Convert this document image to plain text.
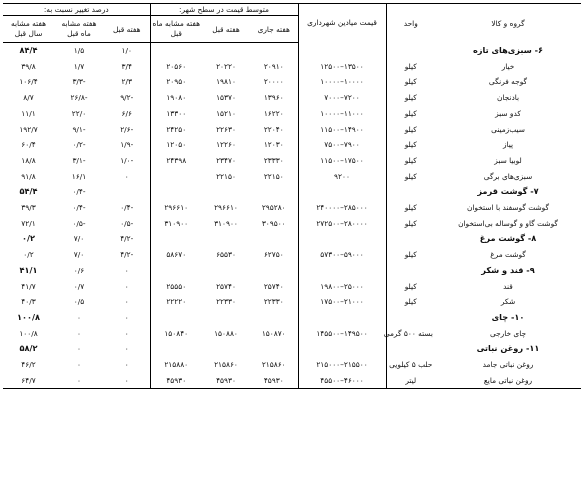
گروه و کالا	واحد	قیمت میادین شهرداری	متوسط قیمت در سطح شهر:			درصد تغییر نسبت به:		
			هفته جاری	هفته قبل	هفته مشابه ماه قبل	هفته قبل	هفته مشابه ماه قبل	هفته مشابه سال قبل
۶- سبزی‌های تازه						۱/۰	۱/۵	۸۴/۴
خیار	کیلو	۱۳۵۰۰–۱۲۵۰۰	۲۰۹۱۰	۲۰۲۲۰	۲۰۵۶۰	۳/۴	۱/۷	۳۹/۸
گوجه فرنگی	کیلو	۱۰۰۰۰–۱۰۰۰۰	۲۰۰۰۰	۱۹۸۱۰	۲۰۹۵۰	۲/۳	-۳/۳	۱۰۶/۴
بادنجان	کیلو	۷۲۰۰–۷۰۰۰	۱۳۹۶۰	۱۵۳۷۰	۱۹۰۸۰	-۹/۲	-۲۶/۸	۸/۷
کدو سبز	کیلو	۱۱۰۰۰–۱۰۰۰۰	۱۶۲۲۰	۱۵۲۱۰	۱۳۳۰۰	۶/۶	۲۲/۰	۱۱/۱
سیب‌زمینی	کیلو	۱۴۹۰۰–۱۱۵۰۰	۲۲۰۴۰	۲۲۶۳۰	۲۴۲۵۰	-۲/۶	-۹/۱	۱۹۲/۷
پیاز	کیلو	۷۹۰۰–۷۵۰۰	۱۲۰۳۰	۱۲۲۶۰	۱۲۰۵۰	-۱/۹	-۰/۲	۶۰/۴
لوبیا سبز	کیلو	۱۷۵۰۰–۱۱۵۰۰	۲۳۳۳۰	۲۳۴۷۰	۲۴۳۹۸	-۱/۰	-۳/۱	۱۸/۸
سبزی‌های برگی	کیلو	۹۲۰۰	۲۲۱۵۰	۲۲۱۵۰		۰	۱۶/۱	۹۱/۸
۷- گوشت قرمز							-۰/۴	۵۴/۴
گوشت گوسفند با استخوان	کیلو	۲۸۵۰۰۰–۲۴۰۰۰۰	۲۹۵۲۸۰	۲۹۶۶۱۰	۲۹۶۶۱۰	-۰/۴	-۰/۴	۳۹/۳
گوشت گاو و گوساله بی‌استخوان	کیلو	۲۸۰۰۰۰–۲۷۲۵۰۰	۳۰۹۵۰۰	۳۱۰۹۰۰	۳۱۰۹۰۰	-۰/۵	-۰/۵	۷۲/۱
۸- گوشت مرغ						-۴/۲	۷/۰	۰/۲
گوشت مرغ	کیلو	۵۹۰۰۰–۵۷۳۰۰	۶۲۷۵۰	۶۵۵۳۰	۵۸۶۷۰	-۴/۲	۷/۰	۰/۲
۹- قند و شکر						۰	۰/۶	۴۱/۱
قند	کیلو	۲۵۰۰۰–۱۹۸۰۰	۲۵۷۴۰	۲۵۷۴۰	۲۵۵۵۰	۰	۰/۷	۴۱/۷
شکر	کیلو	۲۱۰۰۰–۱۷۵۰۰	۲۲۳۳۰	۲۲۳۳۰	۲۲۲۲۰	۰	۰/۵	۴۰/۳
۱۰- چای						۰	۰	۱۰۰/۸
چای خارجی	بسته ۵۰۰ گرمی	۱۴۹۵۰۰–۱۴۵۵۰۰	۱۵۰۸۷۰	۱۵۰۸۸۰	۱۵۰۸۴۰	۰	۰	۱۰۰/۸
۱۱- روغن نباتی						۰	۰	۵۸/۲
روغن نباتی جامد	حلب ۵ کیلویی	۲۱۵۵۰۰–۲۱۵۰۰۰	۲۱۵۸۶۰	۲۱۵۸۶۰	۲۱۵۸۸۰	۰	۰	۴۶/۲
روغن نباتی مایع	لیتر	۴۶۰۰۰–۴۵۵۰۰	۴۵۹۳۰	۴۵۹۳۰	۴۵۹۳۰	۰	۰	۶۴/۷
